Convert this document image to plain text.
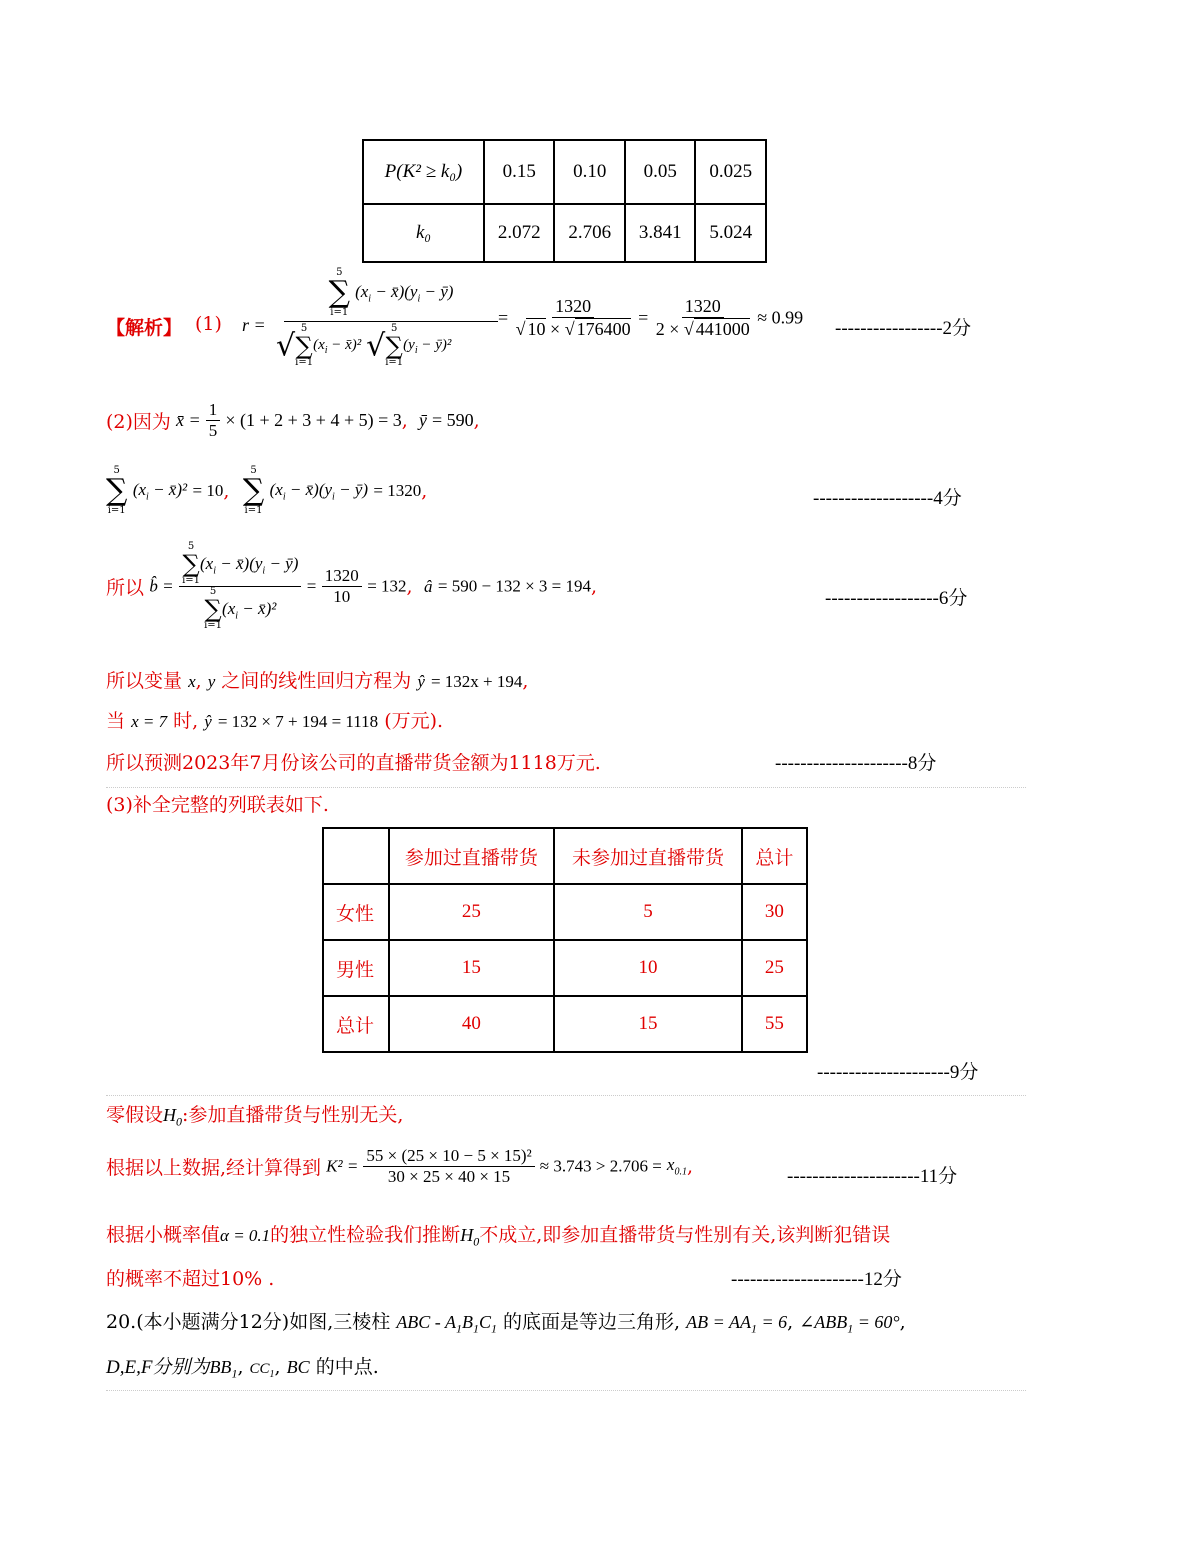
P(K² ≥ k₀)	0.15	0.10	0.05	0.025
k₀	2.072	2.706	3.841	5.024
【解析】 (1) r =
5
∑
i=1
($x_i$ − $x̄)(y_i$ − ȳ)
√ 5
∑
i=1
($x_i$ − x̄)² √ 5
∑
i=1
($y_i$ − ȳ)²
= $\frac{1320}{√ 10 \times √ 176400} = \frac{1320}{2 \times √ 441000} \approx 0.99$
-----------------2分
(2)因为 x̄ = $\frac{1}{5} \times (1 + 2 + 3 + 4 + 5) = 3$, ȳ = 590,
5
∑
i=1
($x_i$ − x̄)² = 10,
5
∑
i=1
($x_i$ − $x̄)(y_i$ − ȳ) = 1320,	-------------------4分
所以 b̂ = 5
∑
i=1
($x_i$ − $x̄)(y_i$ − ȳ)
5
∑
i=1
($x_i$ − x̄)² = $\frac{1320}{10} = 132$, â = 590 − 132 × 3 = 194,
------------------6分
所以变量 x, y 之间的线性回归方程为 ŷ = 132x + 194,
当 x = 7 时, ŷ = 132 × 7 + 194 = 1118 (万元).
所以预测2023年7月份该公司的直播带货金额为1118万元.	---------------------8分
(3)补全完整的列联表如下.
	参加过直播带货	未参加过直播带货	总计
女性	25	5	30
男性	15	10	25
总计	40	15	55
---------------------9分
零假设$H_0$:参加直播带货与性别无关,
根据以上数据,经计算得到 $K^2 = \frac{\text{55 × (25 × 10 − 5 × 15)²}}{30 \times 25 \times 40 \times 15} \approx 3.743 > 2.706 = x_{0.1}$,	---------------------11分
根据小概率值α = 0.1的独立性检验我们推断$H_0$不成立,即参加直播带货与性别有关,该判断犯错误
的概率不超过10% .	---------------------12分
20.(本小题满分12分)如图,三棱柱 ABC - $A_1B_1C_1$ 的底面是等边三角形, AB = $AA_1 = 6$, $\angle ABB_1 = 60^\circ$,
D,E,F分别为$BB_1$, $CC_1$, BC 的中点.
